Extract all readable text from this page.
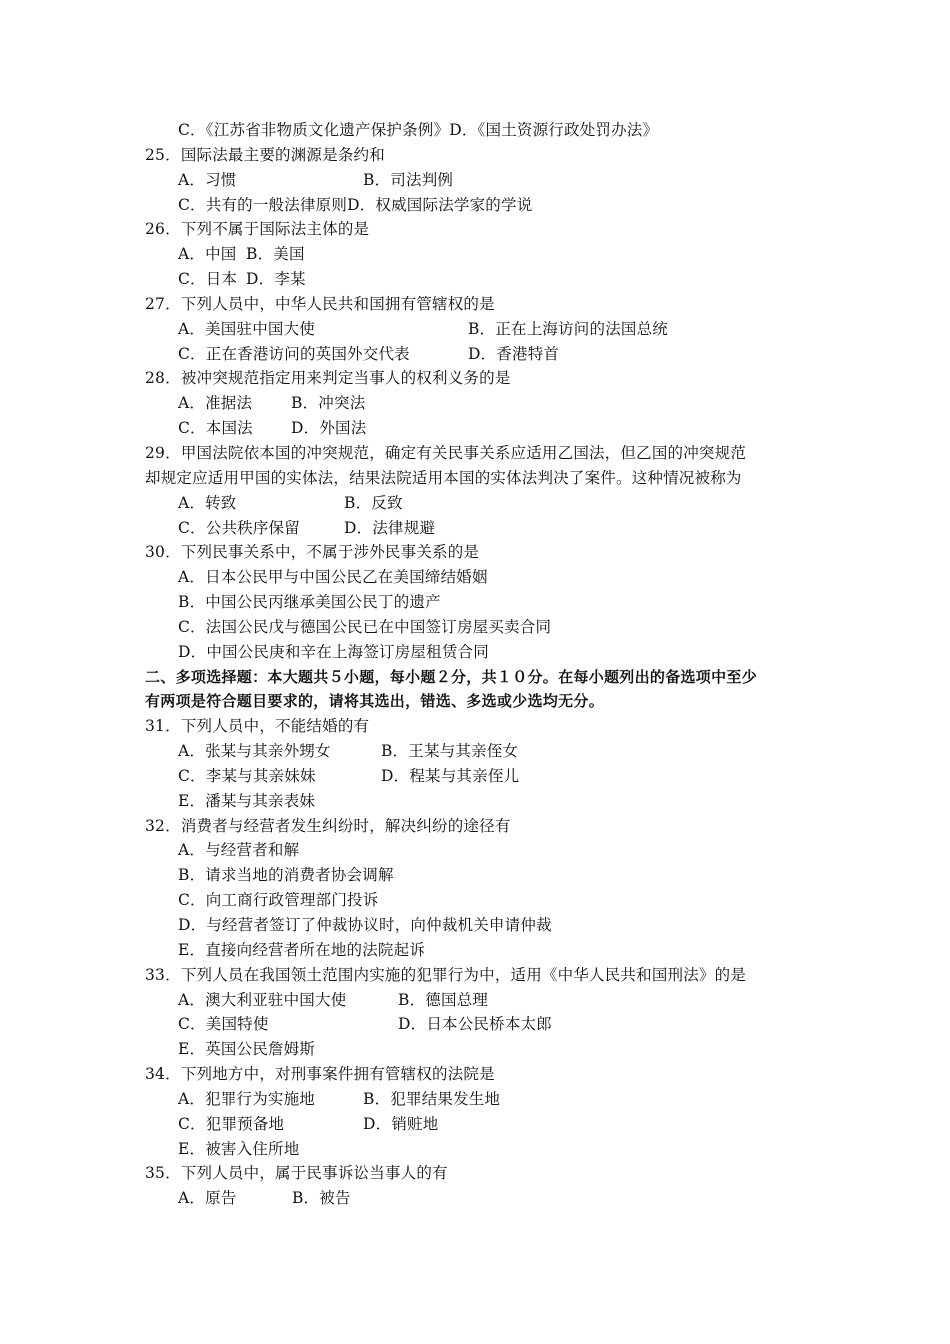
C．《江苏省非物质文化遗产保护条例》D．《国土资源行政处罚办法》
25．国际法最主要的渊源是条约和
A．习惯	B．司法判例
C．共有的一般法律原则D．权威国际法学家的学说
26．下列不属于国际法主体的是
A．中国 B．美国
C．日本 D．李某
27．下列人员中，中华人民共和国拥有管辖权的是
A．美国驻中国大使	B．正在上海访问的法国总统
C．正在香港访问的英国外交代表	D．香港特首
28．被冲突规范指定用来判定当事人的权利义务的是
A．准据法	B．冲突法
C．本国法 D．外国法
29．甲国法院依本国的冲突规范，确定有关民事关系应适用乙国法，但乙国的冲突规范
却规定应适用甲国的实体法，结果法院适用本国的实体法判决了案件。这种情况被称为
A．转致	B．反致
C．公共秩序保留	D．法律规避
30．下列民事关系中，不属于涉外民事关系的是
A．日本公民甲与中国公民乙在美国缔结婚姻
B．中国公民丙继承美国公民丁的遗产
C．法国公民戊与德国公民已在中国签订房屋买卖合同
D．中国公民庚和辛在上海签订房屋租赁合同
二、多项选择题：本大题共５小题，每小题２分，共１０分。在每小题列出的备选项中至少
有两项是符合题目要求的，请将其选出，错选、多选或少选均无分。
31．下列人员中，不能结婚的有
A．张某与其亲外甥女	B．王某与其亲侄女
C．李某与其亲妹妹	D．程某与其亲侄儿
E．潘某与其亲表妹
32．消费者与经营者发生纠纷时，解决纠纷的途径有
A．与经营者和解
B．请求当地的消费者协会调解
C．向工商行政管理部门投诉
D．与经营者签订了仲裁协议时，向仲裁机关申请仲裁
E．直接向经营者所在地的法院起诉
33．下列人员在我国领土范围内实施的犯罪行为中，适用《中华人民共和国刑法》的是
A．澳大利亚驻中国大使	B．德国总理
C．美国特使	D．日本公民桥本太郎
E．英国公民詹姆斯
34．下列地方中，对刑事案件拥有管辖权的法院是
A．犯罪行为实施地	B．犯罪结果发生地
C．犯罪预备地	D．销赃地
E．被害入住所地
35．下列人员中，属于民事诉讼当事人的有
A．原告	B．被告
